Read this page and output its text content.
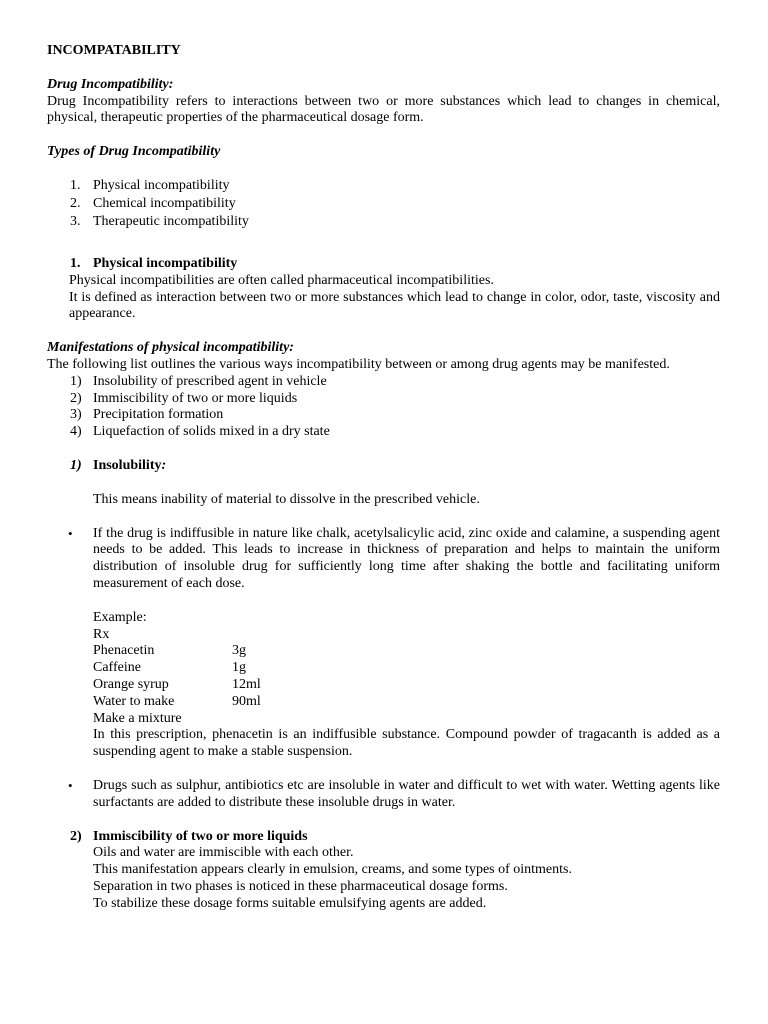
INCOMPATABILITY

Drug Incompatibility:

Drug Incompatibility refers to interactions between two or more substances which lead to changes in chemical, physical, therapeutic properties of the pharmaceutical dosage form.

Types of Drug Incompatibility

1. Physical incompatibility
2. Chemical incompatibility
3. Therapeutic incompatibility
1. Physical incompatibility

Physical incompatibilities are often called pharmaceutical incompatibilities.

It is defined as interaction between two or more substances which lead to change in color, odor, taste, viscosity and appearance.

Manifestations of physical incompatibility:

The following list outlines the various ways incompatibility between or among drug agents may be manifested.

1) Insolubility of prescribed agent in vehicle
2) Immiscibility of two or more liquids
3) Precipitation formation
4) Liquefaction of solids mixed in a dry state
1) Insolubility:

This means inability of material to dissolve in the prescribed vehicle.

• If the drug is indiffusible in nature like chalk, acetylsalicylic acid, zinc oxide and calamine, a suspending agent needs to be added. This leads to increase in thickness of preparation and helps to maintain the uniform distribution of insoluble drug for sufficiently long time after shaking the bottle and facilitating uniform measurement of each dose.

Example:

Rx

Phenacetin	3g
Caffeine	1g
Orange syrup	12ml
Water to make	90ml

Make a mixture

In this prescription, phenacetin is an indiffusible substance. Compound powder of tragacanth is added as a suspending agent to make a stable suspension.

• Drugs such as sulphur, antibiotics etc are insoluble in water and difficult to wet with water. Wetting agents like surfactants are added to distribute these insoluble drugs in water.

2) Immiscibility of two or more liquids

Oils and water are immiscible with each other.

This manifestation appears clearly in emulsion, creams, and some types of ointments.

Separation in two phases is noticed in these pharmaceutical dosage forms.

To stabilize these dosage forms suitable emulsifying agents are added.
